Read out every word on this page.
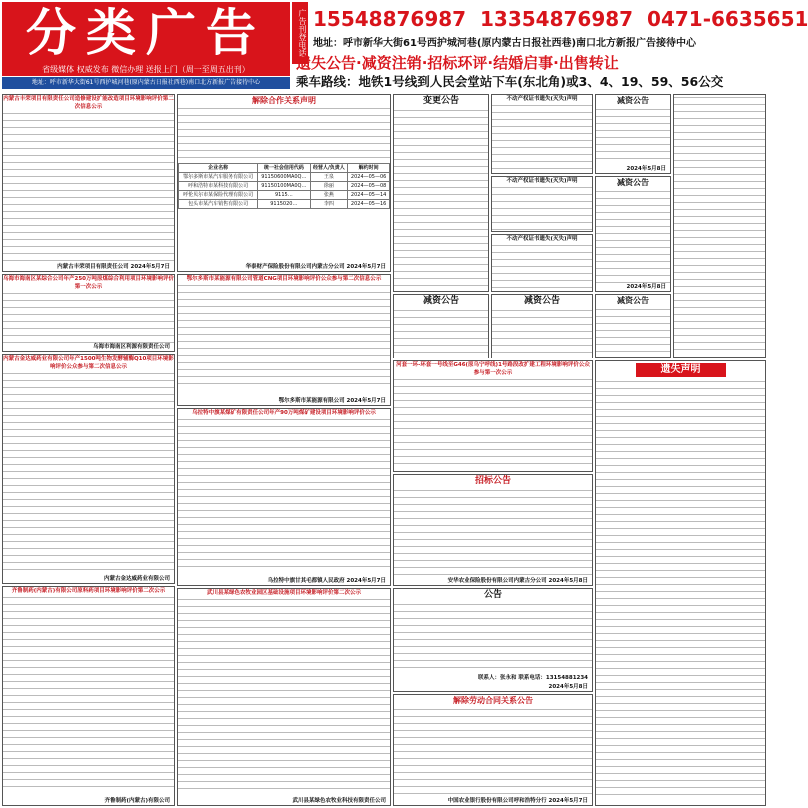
分类广告
省级媒体 权威发布 微信办理 送报上门（周一至周五出刊）
地址：呼市新华大街61号西护城河巷(原内蒙古日报社西巷)南口北方新报广告接待中心
广告刊登电话 15548876987 13354876987 0471-6635651
地址：呼市新华大街61号西护城河巷(原内蒙古日报社西巷)南口北方新报广告接待中心
遗失公告·减资注销·招标环评·结婚启事·出售转让
乘车路线：地铁1号线到人民会堂站下车(东北角)或3、4、19、59、56公交
内蒙古丰荣项目有限责任公司造修建设扩能改造项目环境影响评价第二次信息公示
内蒙古丰荣项目有限责任公司 2024年5月7日
乌海市海南区某综合公司年产250万吨原煤综合利用项目环境影响评价第一次公示
乌海市海南区利源有限责任公司
内蒙古金达威药业有限公司年产1500吨生物发酵辅酶Q10项目环境影响评价公众参与第二次信息公示
内蒙古金达威药业有限公司
齐鲁制药(内蒙古)有限公司原料药项目环境影响评价第二次公示
齐鲁制药(内蒙古)有限公司
解除合作关系声明
企业名称	统一社会信用代码	经营人/负责人	解约时间
鄂尔多斯市某汽车服务有限公司	91150600MA0Q…	王泉	2024—05—06
呼和浩特市某科技有限公司	91150100MA0Q…	徐丽	2024—05—08
呼伦贝尔市某保险代理有限公司	9115…	张燕	2024—05—14
包头市某汽车销售有限公司	9115020…	李四	2024—05—16
华泰财产保险股份有限公司内蒙古分公司 2024年5月7日
鄂尔多斯市某能源有限公司管道CNG项目环境影响评价公众参与第二次信息公示
鄂尔多斯市某能源有限公司 2024年5月7日
乌拉特中旗某煤矿有限责任公司年产90万吨煤矿建设项目环境影响评价公示
乌拉特中旗甘其毛都镇人民政府 2024年5月7日
武川县某绿色农牧业园区基础设施项目环境影响评价第二次公示
武川县某绿色农牧业科技有限责任公司
变更公告
减资公告
河套一环-环套一号线至G46(原乌宁呼线)1号路段改扩建工程环境影响评价公众参与第一次公示
招标公告
安华农业保险股份有限公司内蒙古分公司 2024年5月8日
公告
联系人：张永和 联系电话：13154881234
2024年5月8日
解除劳动合同关系公告
中国农业银行股份有限公司呼和浩特分行 2024年5月7日
不动产权证书遗失(灭失)声明
不动产权证书遗失(灭失)声明
不动产权证书遗失(灭失)声明
减资公告
减资公告
2024年5月8日
减资公告
2024年5月8日
减资公告
遗失声明
